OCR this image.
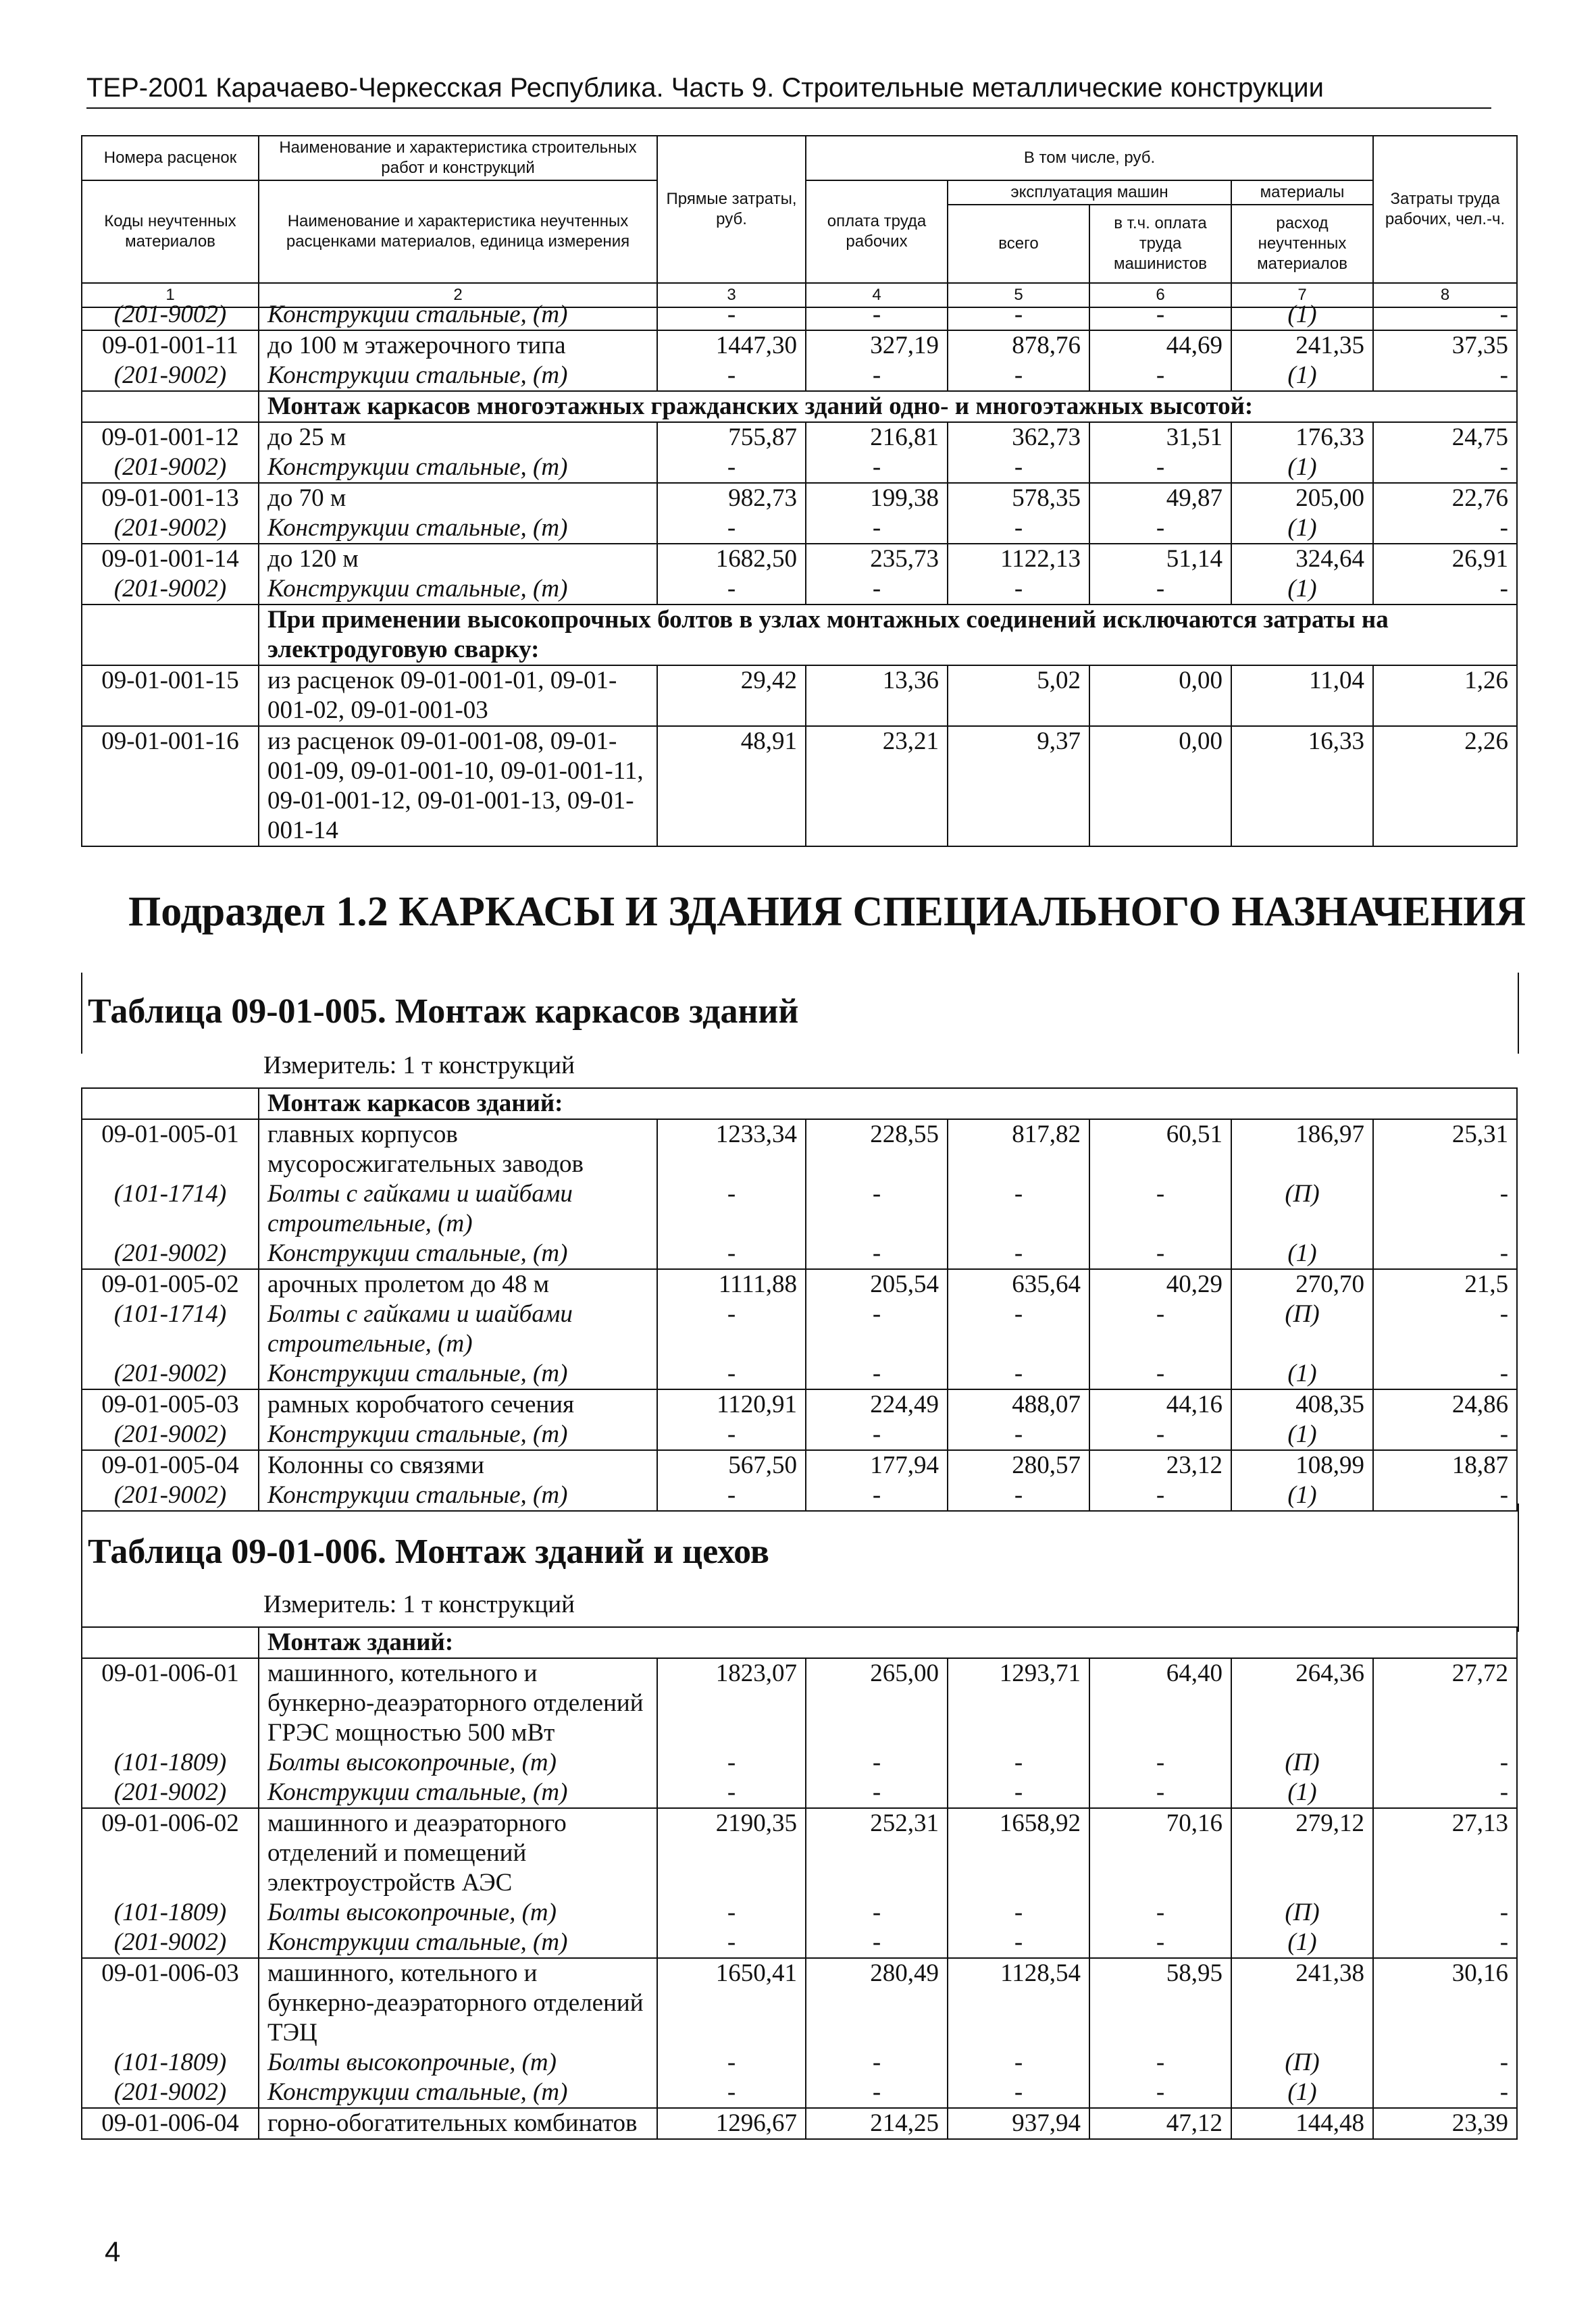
ТЕР-2001 Карачаево-Черкесская Республика. Часть 9. Строительные металлические конструкции
Номера расценок	Наименование и характеристика строительных работ и конструкций	Прямые затраты, руб.	В том числе, руб.				Затраты труда рабочих, чел.-ч.
Коды неучтенных материалов	Наименование и характеристика неучтенных расценками материалов, единица измерения		оплата труда рабочих	эксплуатация машин		материалы	
				всего	в т.ч. оплата труда машинистов	расход неучтенных материалов	
1	2	3	4	5	6	7	8
(201-9002)	Конструкции стальные, (т)	-	-	-	-	(1)	-
09-01-001-11	до 100 м этажерочного типа	1447,30	327,19	878,76	44,69	241,35	37,35
(201-9002)	Конструкции стальные, (т)	-	-	-	-	(1)	-
	Монтаж каркасов многоэтажных гражданских зданий одно- и многоэтажных высотой:						
09-01-001-12	до 25 м	755,87	216,81	362,73	31,51	176,33	24,75
(201-9002)	Конструкции стальные, (т)	-	-	-	-	(1)	-
09-01-001-13	до 70 м	982,73	199,38	578,35	49,87	205,00	22,76
(201-9002)	Конструкции стальные, (т)	-	-	-	-	(1)	-
09-01-001-14	до 120 м	1682,50	235,73	1122,13	51,14	324,64	26,91
(201-9002)	Конструкции стальные, (т)	-	-	-	-	(1)	-
	При применении высокопрочных болтов в узлах монтажных соединений исключаются затраты на электродуговую сварку:						
09-01-001-15	из расценок 09-01-001-01, 09-01-001-02, 09-01-001-03	29,42	13,36	5,02	0,00	11,04	1,26
09-01-001-16	из расценок 09-01-001-08, 09-01-001-09, 09-01-001-10, 09-01-001-11, 09-01-001-12, 09-01-001-13, 09-01-001-14	48,91	23,21	9,37	0,00	16,33	2,26
Подраздел 1.2 КАРКАСЫ И ЗДАНИЯ СПЕЦИАЛЬНОГО НАЗНАЧЕНИЯ
Таблица 09-01-005. Монтаж каркасов зданий
Измеритель: 1 т конструкций
	Монтаж каркасов зданий:						
09-01-005-01	главных корпусов мусоросжигательных заводов	1233,34	228,55	817,82	60,51	186,97	25,31
(101-1714)	Болты с гайками и шайбами строительные, (т)	-	-	-	-	(П)	-
(201-9002)	Конструкции стальные, (т)	-	-	-	-	(1)	-
09-01-005-02	арочных пролетом до 48 м	1111,88	205,54	635,64	40,29	270,70	21,5
(101-1714)	Болты с гайками и шайбами строительные, (т)	-	-	-	-	(П)	-
(201-9002)	Конструкции стальные, (т)	-	-	-	-	(1)	-
09-01-005-03	рамных коробчатого сечения	1120,91	224,49	488,07	44,16	408,35	24,86
(201-9002)	Конструкции стальные, (т)	-	-	-	-	(1)	-
09-01-005-04	Колонны со связями	567,50	177,94	280,57	23,12	108,99	18,87
(201-9002)	Конструкции стальные, (т)	-	-	-	-	(1)	-
Таблица 09-01-006. Монтаж зданий и цехов
Измеритель: 1 т конструкций
	Монтаж зданий:						
09-01-006-01	машинного, котельного и бункерно-деаэраторного отделений ГРЭС мощностью 500 мВт	1823,07	265,00	1293,71	64,40	264,36	27,72
(101-1809)	Болты высокопрочные, (т)	-	-	-	-	(П)	-
(201-9002)	Конструкции стальные, (т)	-	-	-	-	(1)	-
09-01-006-02	машинного и деаэраторного отделений и помещений электроустройств АЭС	2190,35	252,31	1658,92	70,16	279,12	27,13
(101-1809)	Болты высокопрочные, (т)	-	-	-	-	(П)	-
(201-9002)	Конструкции стальные, (т)	-	-	-	-	(1)	-
09-01-006-03	машинного, котельного и бункерно-деаэраторного отделений ТЭЦ	1650,41	280,49	1128,54	58,95	241,38	30,16
(101-1809)	Болты высокопрочные, (т)	-	-	-	-	(П)	-
(201-9002)	Конструкции стальные, (т)	-	-	-	-	(1)	-
09-01-006-04	горно-обогатительных комбинатов	1296,67	214,25	937,94	47,12	144,48	23,39
4
